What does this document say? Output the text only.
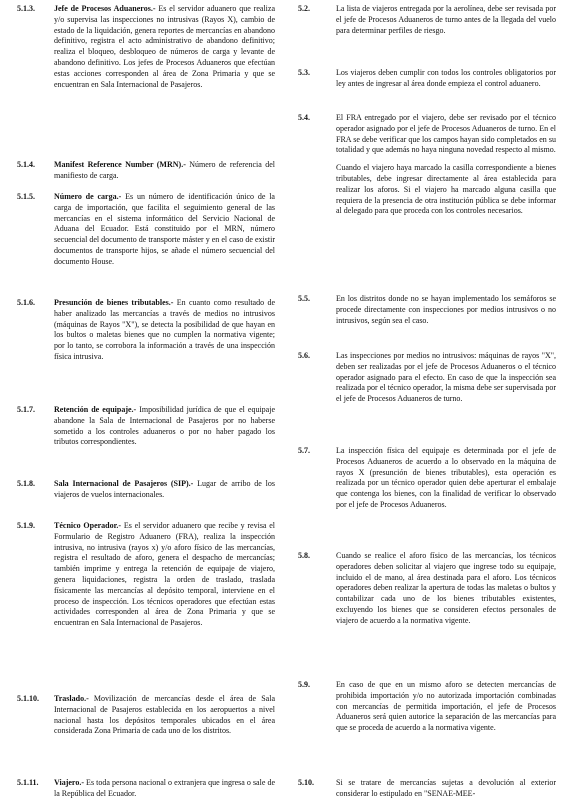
5.1.3. Jefe de Procesos Aduaneros.- Es el servidor aduanero que realiza y/o supervisa las inspecciones no intrusivas (Rayos X), cambio de estado de la liquidación, genera reportes de mercancías en abandono definitivo, registra el acto administrativo de abandono definitivo; realiza el bloqueo, desbloqueo de números de carga y levante de abandono definitivo. Los jefes de Procesos Aduaneros que efectúan estas acciones corresponden al área de Zona Primaria y que se encuentran en Sala Internacional de Pasajeros.
5.1.4. Manifest Reference Number (MRN).- Número de referencia del manifiesto de carga.
5.1.5. Número de carga.- Es un número de identificación único de la carga de importación, que facilita el seguimiento general de las mercancías en el sistema informático del Servicio Nacional de Aduana del Ecuador. Está constituido por el MRN, número secuencial del documento de transporte máster y en el caso de existir documentos de transporte hijos, se añade el número secuencial del documento House.
5.1.6. Presunción de bienes tributables.- En cuanto como resultado de haber analizado las mercancías a través de medios no intrusivos (máquinas de Rayos "X"), se detecta la posibilidad de que hayan en los bultos o maletas bienes que no cumplen la normativa vigente; por lo tanto, se corrobora la información a través de una inspección física intrusiva.
5.1.7. Retención de equipaje.- Imposibilidad jurídica de que el equipaje abandone la Sala de Internacional de Pasajeros por no haberse sometido a los controles aduaneros o por no haber pagado los tributos correspondientes.
5.1.8. Sala Internacional de Pasajeros (SIP).- Lugar de arribo de los viajeros de vuelos internacionales.
5.1.9. Técnico Operador.- Es el servidor aduanero que recibe y revisa el Formulario de Registro Aduanero (FRA), realiza la inspección intrusiva, no intrusiva (rayos x) y/o aforo físico de las mercancías, registra el resultado de aforo, genera el despacho de mercancías; también imprime y entrega la retención de equipaje de viajero, genera liquidaciones, registra la orden de traslado, traslada físicamente las mercancías al depósito temporal, interviene en el proceso de inspección. Los técnicos operadores que efectúan estas actividades corresponden al área de Zona Primaria y que se encuentran en Sala Internacional de Pasajeros.
5.1.10. Traslado.- Movilización de mercancías desde el área de Sala Internacional de Pasajeros establecida en los aeropuertos a nivel nacional hasta los depósitos temporales ubicados en el área considerada Zona Primaria de cada uno de los distritos.
5.1.11. Viajero.- Es toda persona nacional o extranjera que ingresa o sale de la República del Ecuador.
5.2.	La lista de viajeros entregada por la aerolínea, debe ser revisada por el jefe de Procesos Aduaneros de turno antes de la llegada del vuelo para determinar perfiles de riesgo.
5.3.	Los viajeros deben cumplir con todos los controles obligatorios por ley antes de ingresar al área donde empieza el control aduanero.
5.4.	El FRA entregado por el viajero, debe ser revisado por el técnico operador asignado por el jefe de Procesos Aduaneros de turno. En el FRA se debe verificar que los campos hayan sido completados en su totalidad y que además no haya ninguna novedad respecto al mismo.
Cuando el viajero haya marcado la casilla correspondiente a bienes tributables, debe ingresar directamente al área establecida para realizar los aforos. Si el viajero ha marcado alguna casilla que requiera de la presencia de otra institución pública se debe informar al delegado para que proceda con los controles necesarios.
5.5.	En los distritos donde no se hayan implementado los semáforos se procede directamente con inspecciones por medios intrusivos o no intrusivos, según sea el caso.
5.6.	Las inspecciones por medios no intrusivos: máquinas de rayos "X", deben ser realizadas por el jefe de Procesos Aduaneros o el técnico operador asignado para el efecto. En caso de que la inspección sea realizada por el técnico operador, la misma debe ser supervisada por el jefe de Procesos Aduaneros de turno.
5.7.	La inspección física del equipaje es determinada por el jefe de Procesos Aduaneros de acuerdo a lo observado en la máquina de rayos X (presunción de bienes tributables), esta operación es realizada por un técnico operador quien debe aperturar el embalaje que contenga los bienes, con la finalidad de verificar lo observado por el jefe de Procesos Aduaneros.
5.8.	Cuando se realice el aforo físico de las mercancías, los técnicos operadores deben solicitar al viajero que ingrese todo su equipaje, incluido el de mano, al área destinada para el aforo. Los técnicos operadores deben realizar la apertura de todas las maletas o bultos y contabilizar cada uno de los bienes tributables existentes, excluyendo los bienes que se consideren efectos personales de viajero de acuerdo a la normativa vigente.
5.9.	En caso de que en un mismo aforo se detecten mercancías de prohibida importación y/o no autorizada importación combinadas con mercancías de permitida importación, el jefe de Procesos Aduaneros será quien autorice la separación de las mercancías para que se proceda de acuerdo a la normativa vigente.
5.10.	Si se tratare de mercancías sujetas a devolución al exterior considerar lo estipulado en "SENAE-MEE-
